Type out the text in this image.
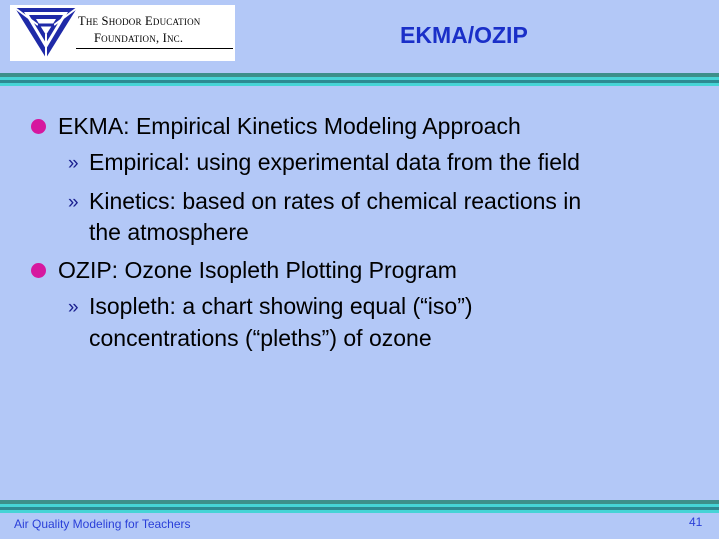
The Shodor Education
Foundation, Inc.	EKMA/OZIP
EKMA: Empirical Kinetics Modeling Approach
» Empirical: using experimental data from the field
» Kinetics: based on rates of chemical reactions in
the atmosphere
OZIP: Ozone Isopleth Plotting Program
» Isopleth: a chart showing equal (“iso”)
concentrations (“pleths”) of ozone
Air Quality Modeling for Teachers	41
